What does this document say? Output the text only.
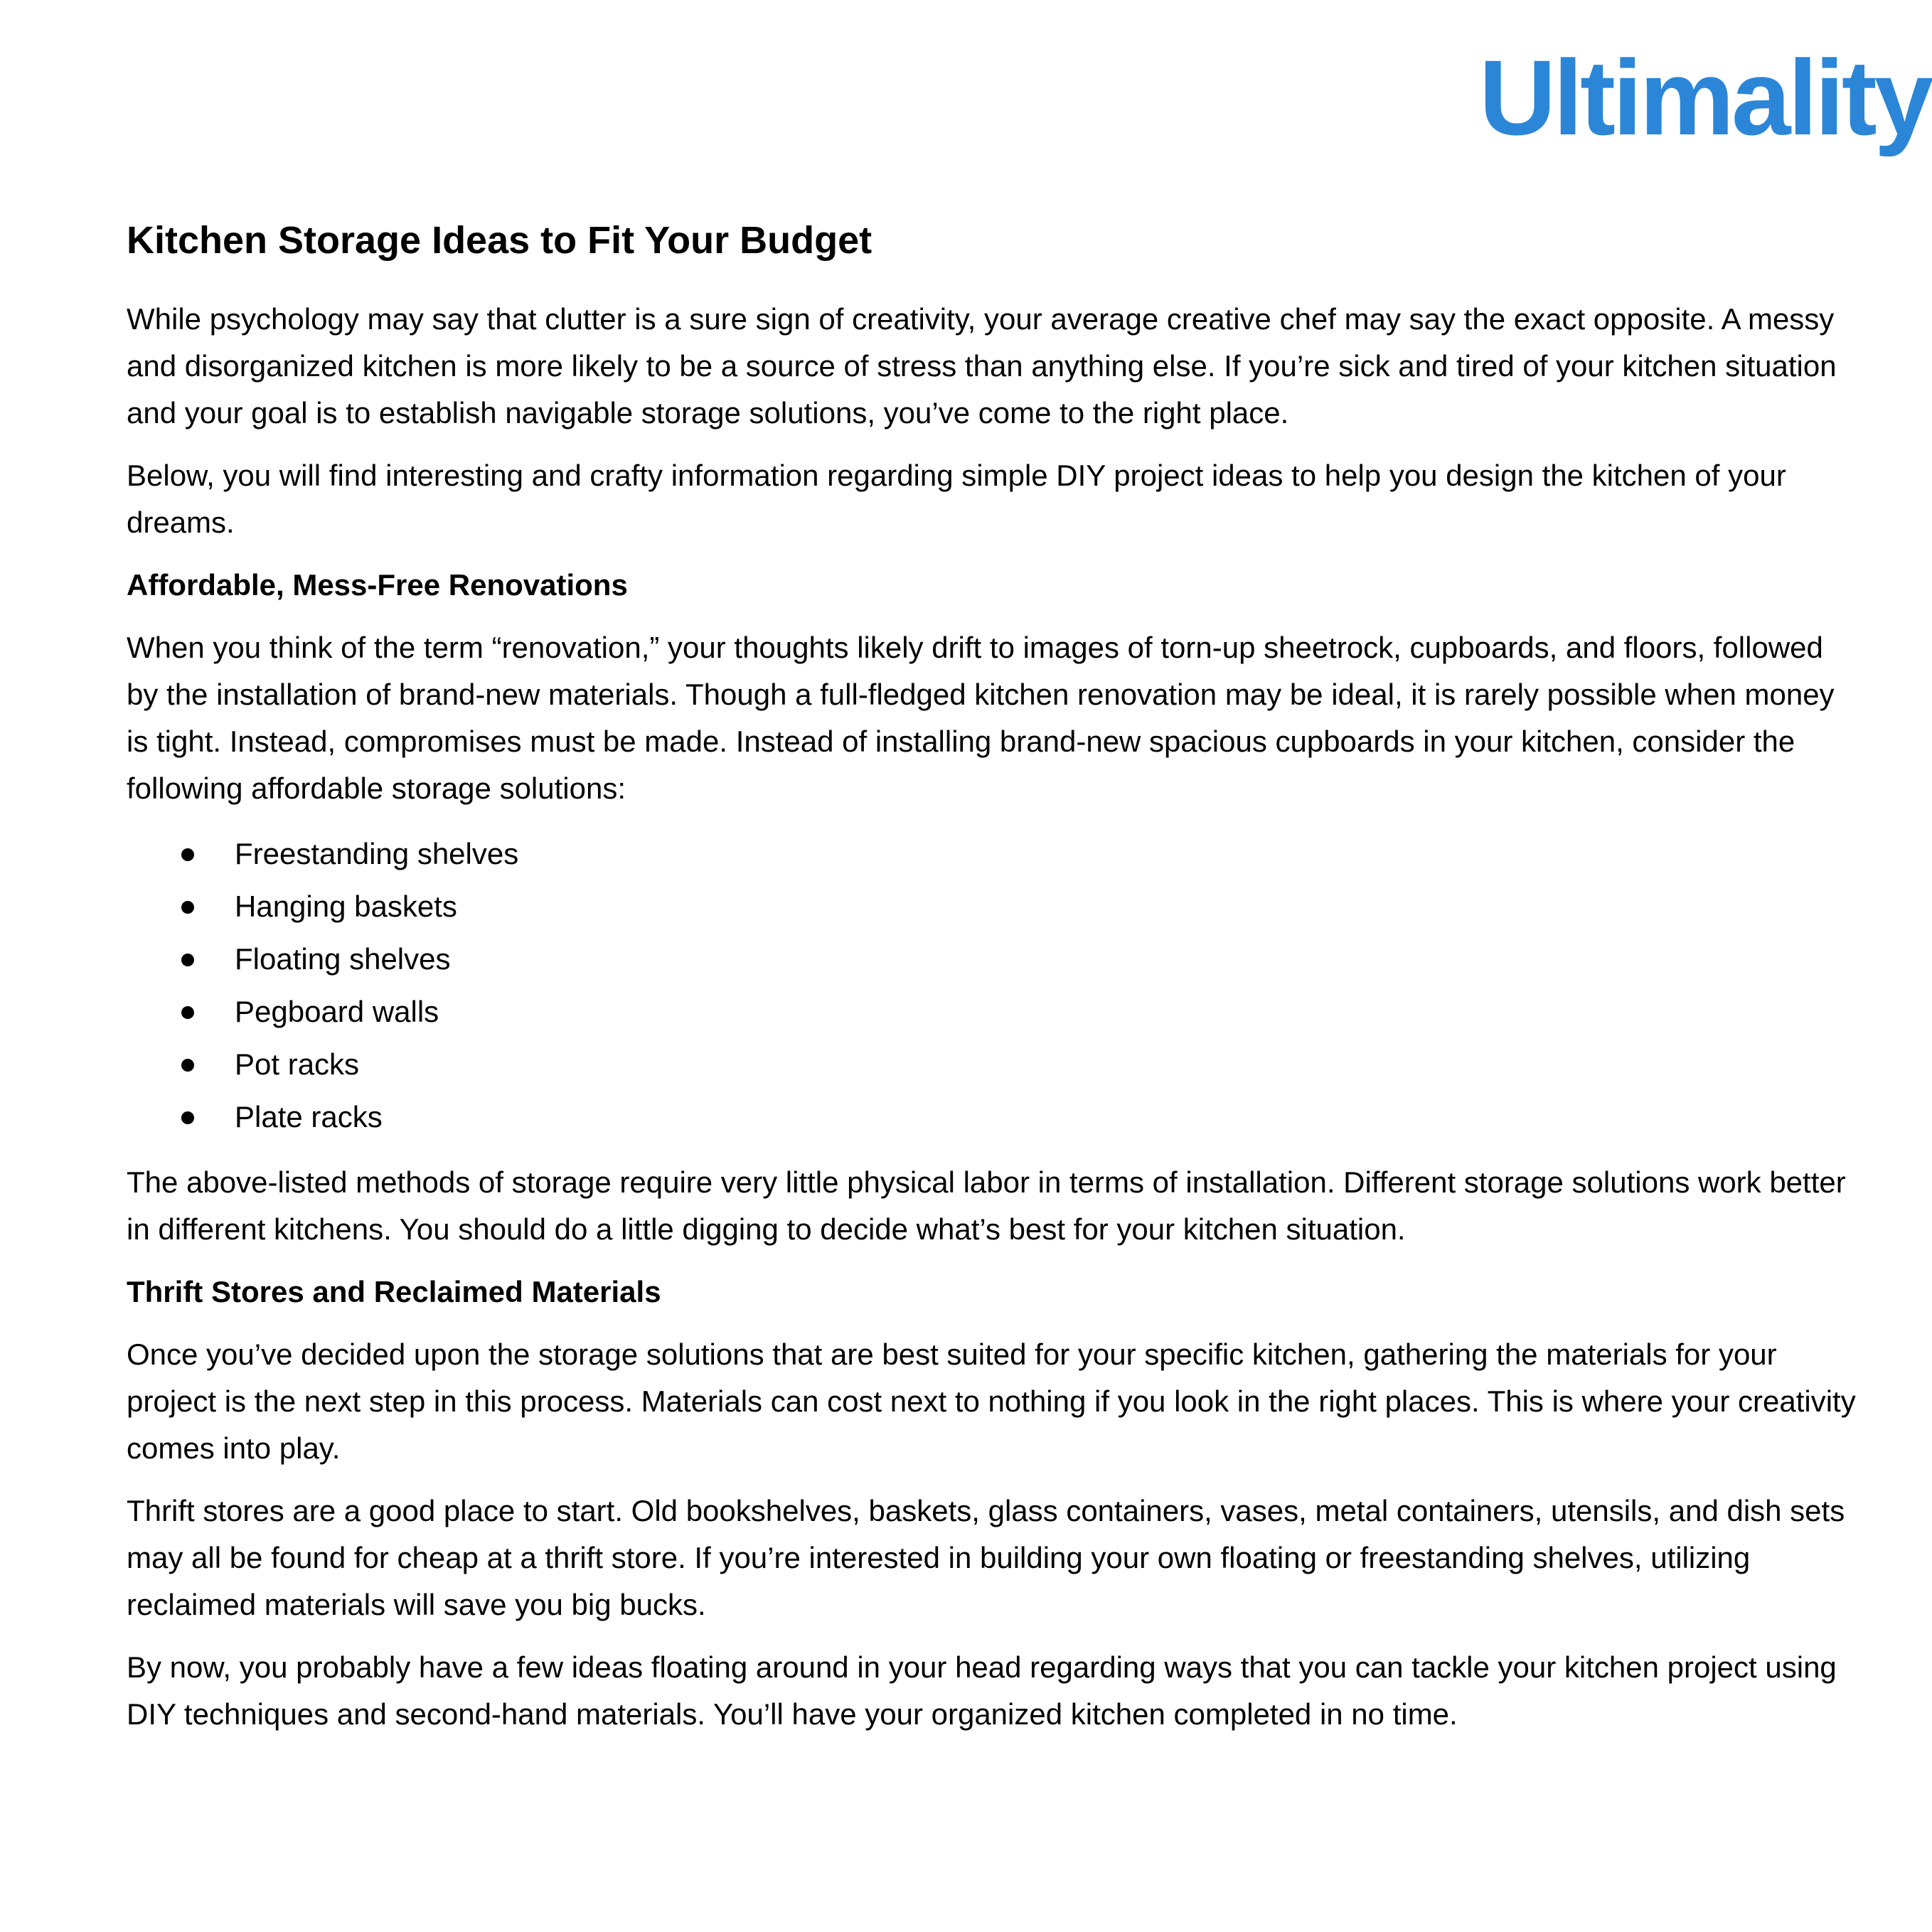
Ultimality
Kitchen Storage Ideas to Fit Your Budget

While psychology may say that clutter is a sure sign of creativity, your average creative chef may say the exact opposite. A messy and disorganized kitchen is more likely to be a source of stress than anything else. If you’re sick and tired of your kitchen situation and your goal is to establish navigable storage solutions, you’ve come to the right place.

Below, you will find interesting and crafty information regarding simple DIY project ideas to help you design the kitchen of your dreams.

Affordable, Mess-Free Renovations

When you think of the term “renovation,” your thoughts likely drift to images of torn-up sheetrock, cupboards, and floors, followed by the installation of brand-new materials. Though a full-fledged kitchen renovation may be ideal, it is rarely possible when money is tight. Instead, compromises must be made. Instead of installing brand-new spacious cupboards in your kitchen, consider the following affordable storage solutions:

Freestanding shelves
Hanging baskets
Floating shelves
Pegboard walls
Pot racks
Plate racks

The above-listed methods of storage require very little physical labor in terms of installation. Different storage solutions work better in different kitchens. You should do a little digging to decide what’s best for your kitchen situation.

Thrift Stores and Reclaimed Materials

Once you’ve decided upon the storage solutions that are best suited for your specific kitchen, gathering the materials for your project is the next step in this process. Materials can cost next to nothing if you look in the right places. This is where your creativity comes into play.

Thrift stores are a good place to start. Old bookshelves, baskets, glass containers, vases, metal containers, utensils, and dish sets may all be found for cheap at a thrift store. If you’re interested in building your own floating or freestanding shelves, utilizing reclaimed materials will save you big bucks.

By now, you probably have a few ideas floating around in your head regarding ways that you can tackle your kitchen project using DIY techniques and second-hand materials. You’ll have your organized kitchen completed in no time.
